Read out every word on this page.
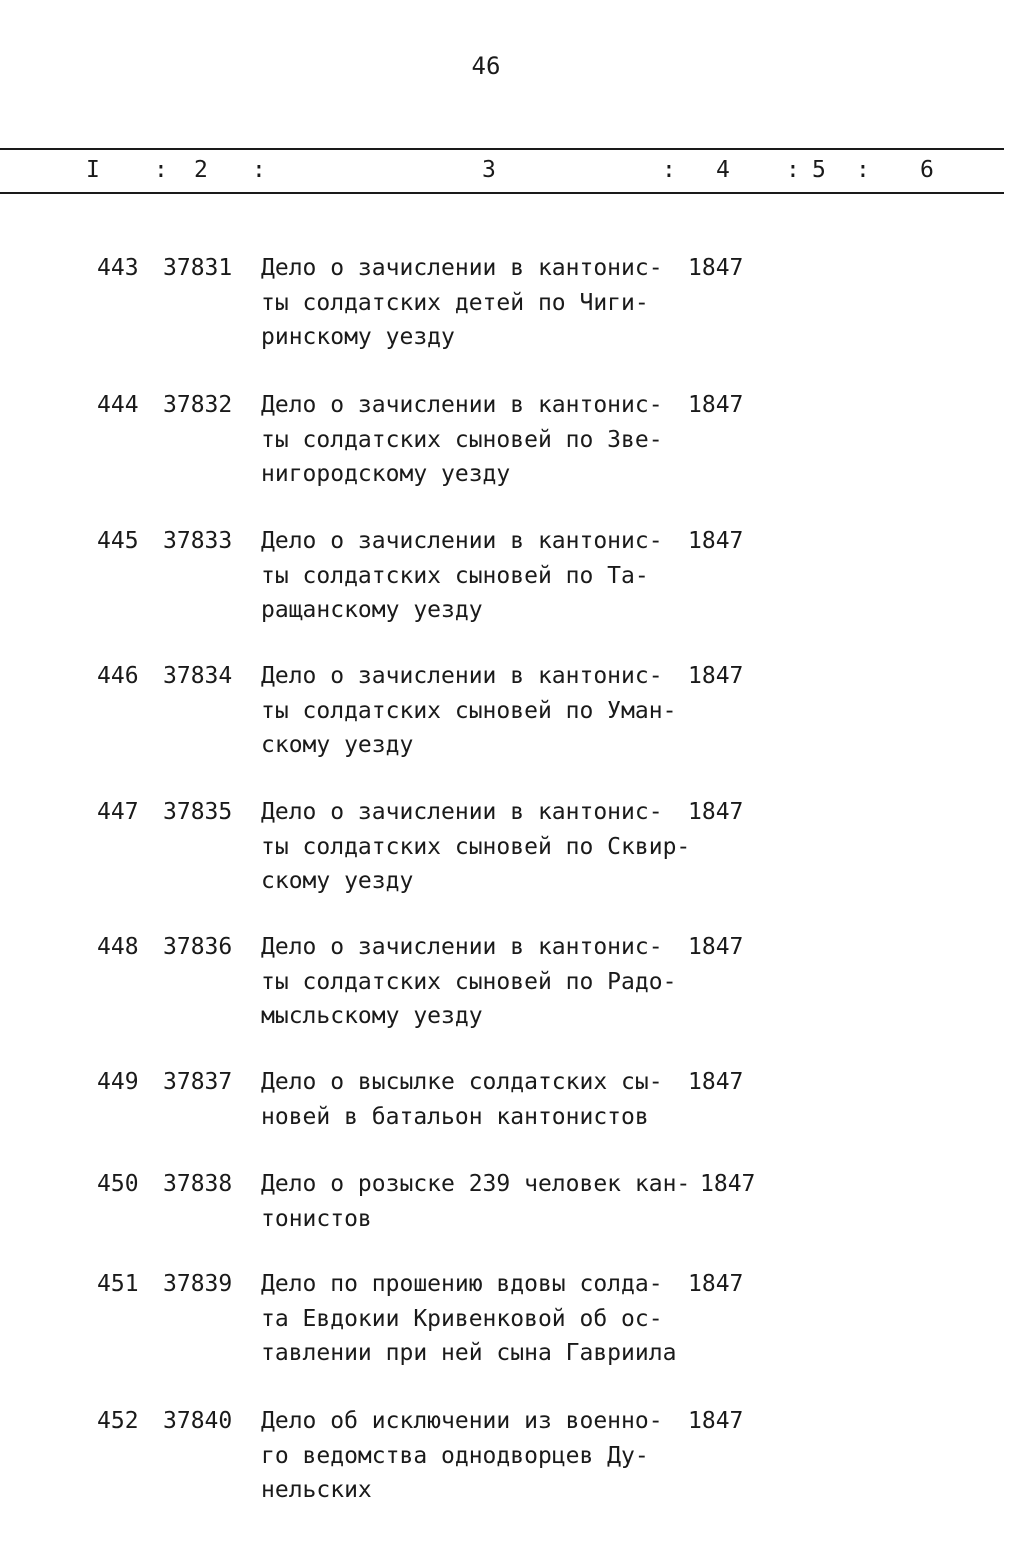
46
I : 2 :	3	: 4 : 5 : 6
443 37831 Дело о зачислении в кантонис-
ты солдатских детей по Чиги-
ринскому уезду
1847
444 37832 Дело о зачислении в кантонис-
ты солдатских сыновей по Зве-
нигородскому уезду
1847
445 37833 Дело о зачислении в кантонис-
ты солдатских сыновей по Та-
ращанскому уезду
1847
446 37834 Дело о зачислении в кантонис-
ты солдатских сыновей по Уман-
скому уезду
1847
447 37835 Дело о зачислении в кантонис-
ты солдатских сыновей по Сквир-
скому уезду
1847
448 37836 Дело о зачислении в кантонис-
ты солдатских сыновей по Радо-
мысльскому уезду
1847
449 37837 Дело о высылке солдатских сы-
новей в батальон кантонистов
1847
450 37838 Дело о розыске 239 человек кан-
тонистов
1847
451 37839 Дело по прошению вдовы солда-
та Евдокии Кривенковой об ос-
тавлении при ней сына Гавриила
1847
452 37840 Дело об исключении из военно-
го ведомства однодворцев Ду-
нельских
1847
